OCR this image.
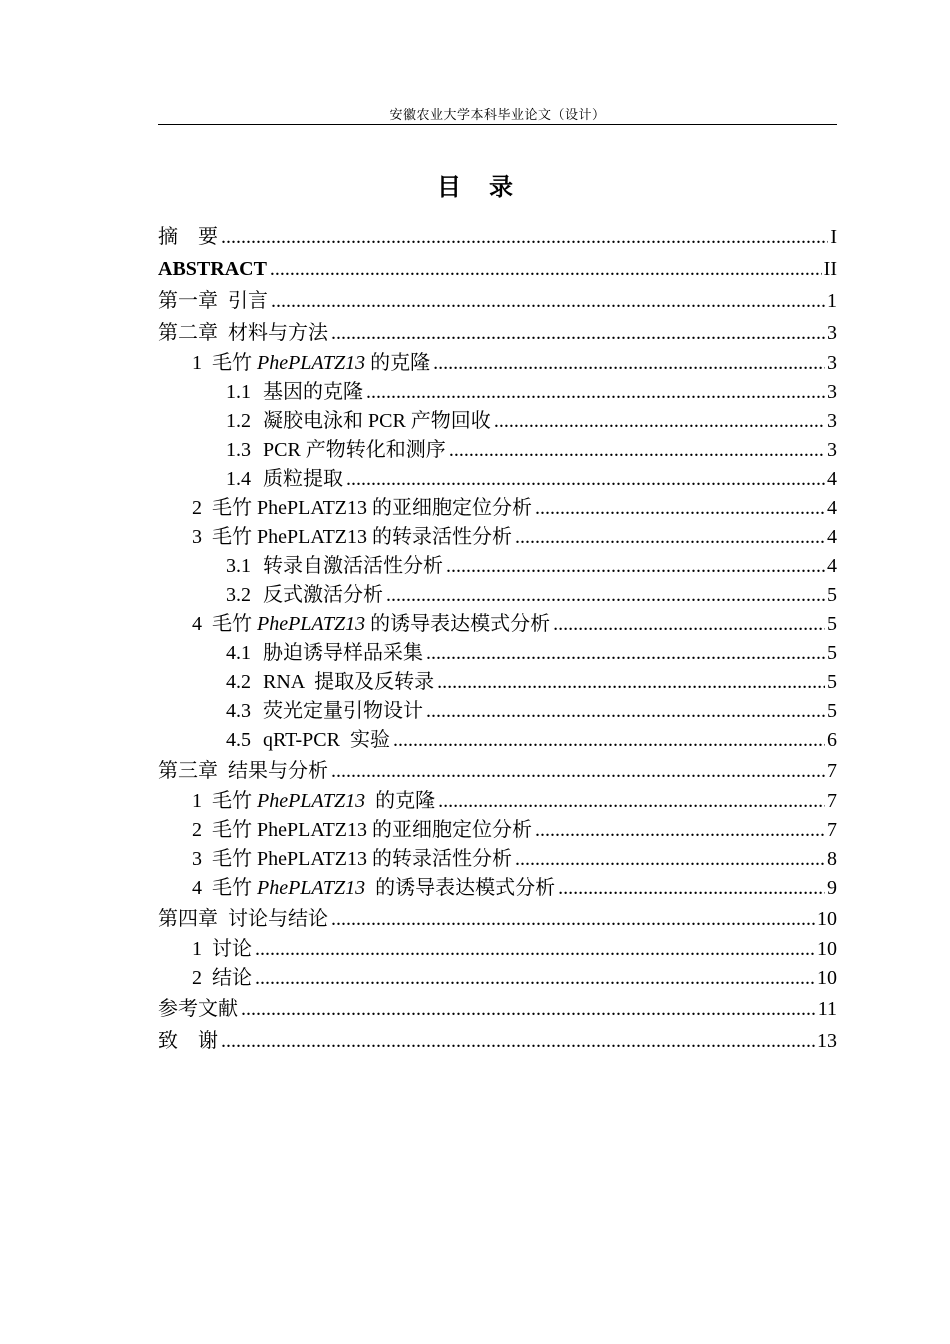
安徽农业大学本科毕业论文（设计）
目录
摘　要 .....	I
ABSTRACT .....	II
第一章  引言 .....	1
第二章  材料与方法 .....	3
1 毛竹 PhePLATZ13 的克隆 .....	3
1.1 基因的克隆 .....	3
1.2 凝胶电泳和 PCR 产物回收 .....	3
1.3 PCR 产物转化和测序 .....	3
1.4 质粒提取 .....	4
2 毛竹 PhePLATZ13 的亚细胞定位分析 .....	4
3 毛竹 PhePLATZ13 的转录活性分析 .....	4
3.1 转录自激活活性分析 .....	4
3.2 反式激活分析 .....	5
4 毛竹 PhePLATZ13 的诱导表达模式分析 .....	5
4.1 胁迫诱导样品采集 .....	5
4.2 RNA  提取及反转录 .....	5
4.3 荧光定量引物设计 .....	5
4.5 qRT-PCR  实验 .....	6
第三章  结果与分析 .....	7
1 毛竹 PhePLATZ13  的克隆 .....	7
2 毛竹 PhePLATZ13 的亚细胞定位分析 .....	7
3 毛竹 PhePLATZ13 的转录活性分析 .....	8
4 毛竹 PhePLATZ13  的诱导表达模式分析 .....	9
第四章  讨论与结论 .....	10
1 讨论 .....	10
2 结论 .....	10
参考文献 .....	11
致　谢 .....	13
